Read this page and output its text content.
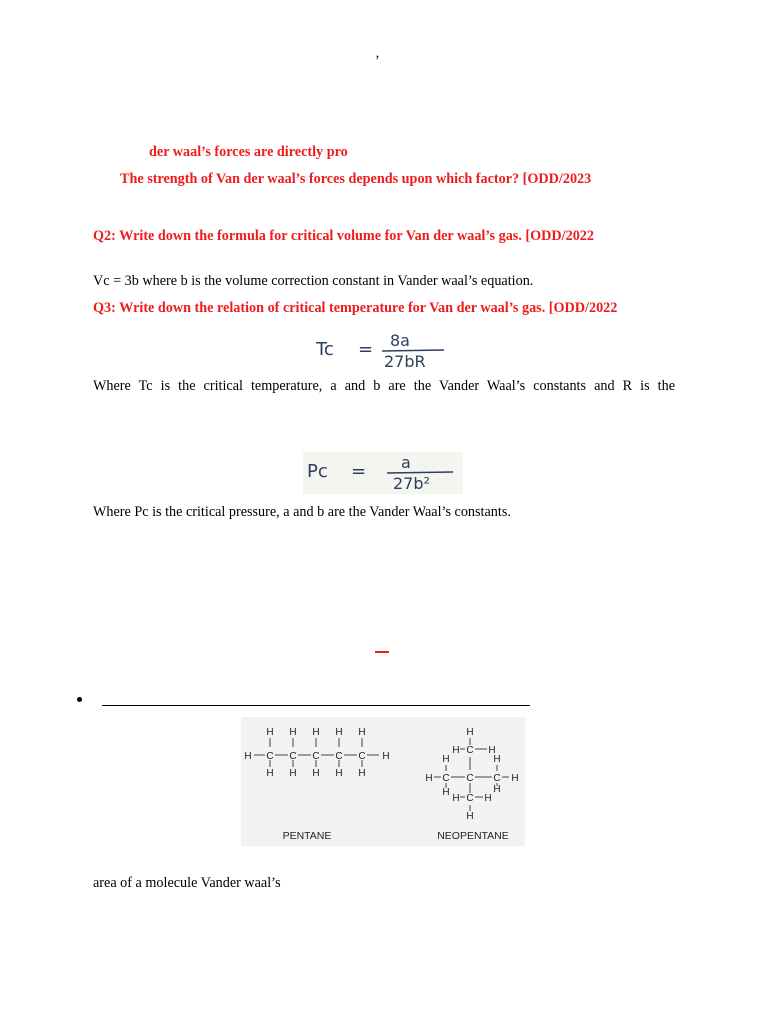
’
der waal’s forces are directly pro
The strength of Van der waal’s forces depends upon which factor? [ODD/2023
Q2: Write down the formula for critical volume for Van der waal’s gas. [ODD/2022
Vc = 3b where b is the volume correction constant in Vander waal’s equation.
Q3: Write down the relation of critical temperature for Van der waal’s gas. [ODD/2022
Tc = 8a
27bR
Where Tc is the critical temperature, a and b are the Vander Waal’s constants and R is the
Pc = a
27b²
Where Pc is the critical pressure, a and b are the Vander Waal’s constants.
H C
H
H
C
H
H
C
H
H
C
H
H
C
H
H
H
C
C
H
H
H
C H
H
H
C
H
H	H
C
H H
H
PENTANE	NEOPENTANE
area of a molecule Vander waal’s
